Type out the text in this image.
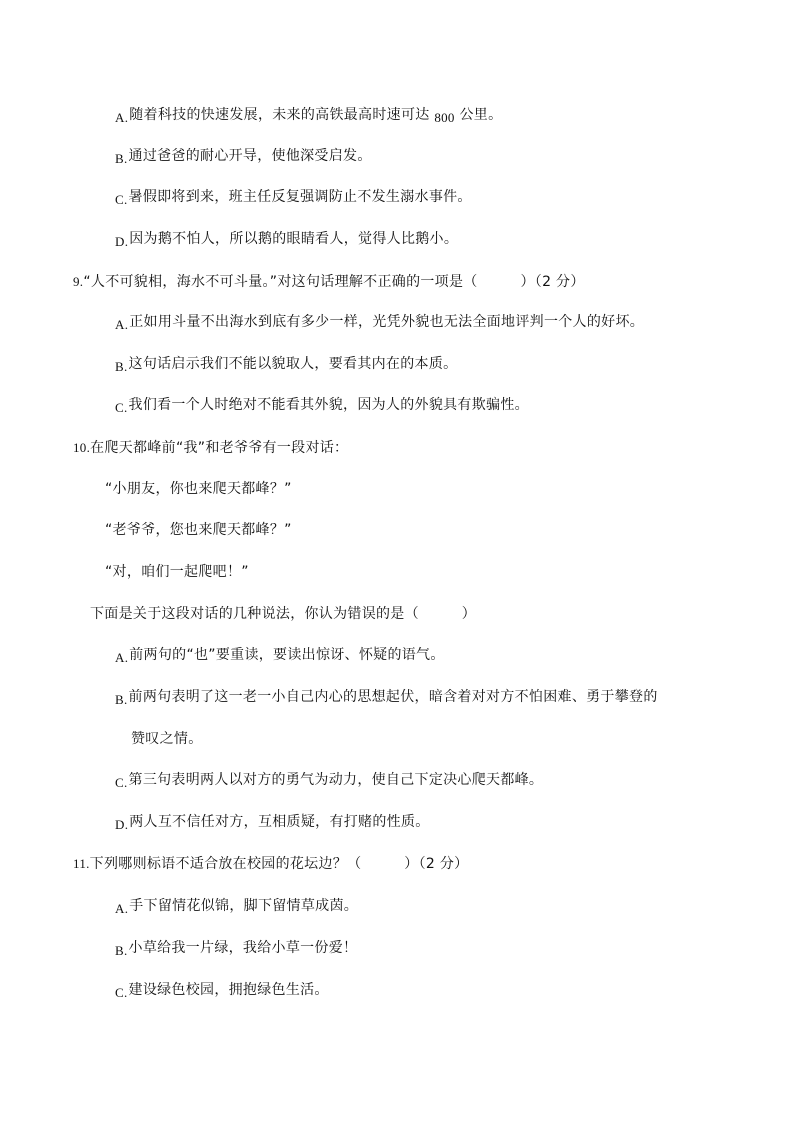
A.随着科技的快速发展，未来的高铁最高时速可达 800 公里。
B.通过爸爸的耐心开导，使他深受启发。
C.暑假即将到来，班主任反复强调防止不发生溺水事件。
D.因为鹅不怕人，所以鹅的眼睛看人，觉得人比鹅小。
9.“人不可貌相，海水不可斗量。”对这句话理解不正确的一项是（　　　）（2 分）
A.正如用斗量不出海水到底有多少一样，光凭外貌也无法全面地评判一个人的好坏。
B.这句话启示我们不能以貌取人，要看其内在的本质。
C.我们看一个人时绝对不能看其外貌，因为人的外貌具有欺骗性。
10.在爬天都峰前“我”和老爷爷有一段对话：
“小朋友，你也来爬天都峰？”
“老爷爷，您也来爬天都峰？”
“对，咱们一起爬吧！”
下面是关于这段对话的几种说法，你认为错误的是（　　　）
A.前两句的“也”要重读，要读出惊讶、怀疑的语气。
B.前两句表明了这一老一小自己内心的思想起伏，暗含着对对方不怕困难、勇于攀登的
赞叹之情。
C.第三句表明两人以对方的勇气为动力，使自己下定决心爬天都峰。
D.两人互不信任对方，互相质疑，有打赌的性质。
11.下列哪则标语不适合放在校园的花坛边？（　　　）（2 分）
A.手下留情花似锦，脚下留情草成茵。
B.小草给我一片绿，我给小草一份爱！
C.建设绿色校园，拥抱绿色生活。
